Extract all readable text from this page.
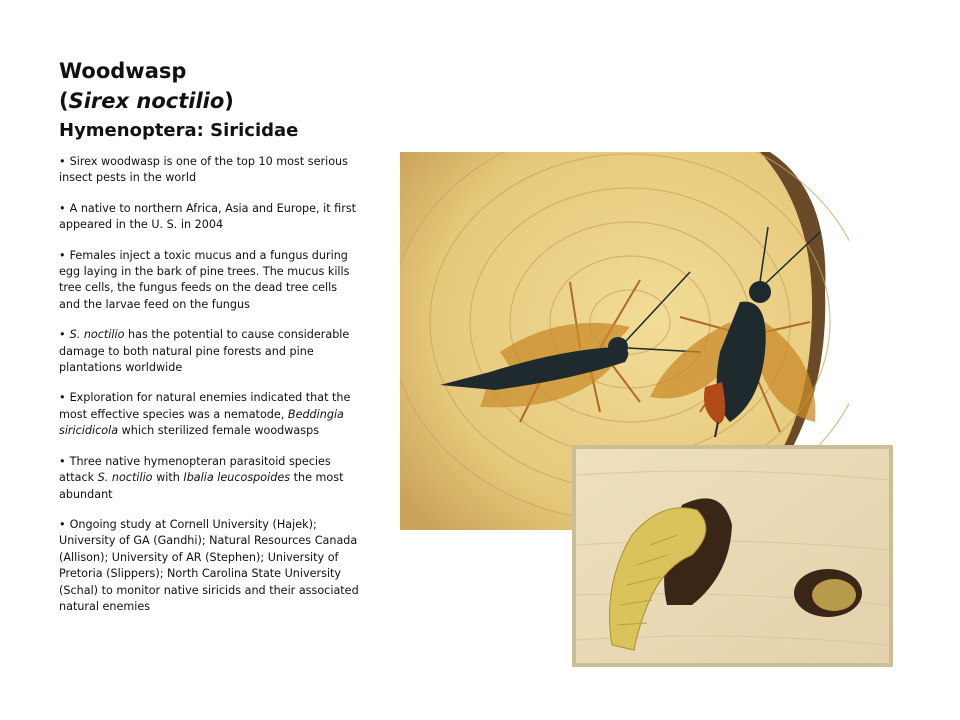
Woodwasp
(Sirex noctilio)
Hymenoptera: Siricidae
• Sirex woodwasp is one of the top 10 most serious insect pests in the world
• A native to northern Africa, Asia and Europe, it first appeared in the U. S. in 2004
• Females inject a toxic mucus and a fungus during egg laying in the bark of pine trees. The mucus kills tree cells, the fungus feeds on the dead tree cells and the larvae feed on the fungus
• S. noctilio has the potential to cause considerable damage to both natural pine forests and pine plantations worldwide
• Exploration for natural enemies indicated that the most effective species was a nematode, Beddingia siricidicola which sterilized female woodwasps
• Three native hymenopteran parasitoid species attack S. noctilio with Ibalia leucospoides the most abundant
• Ongoing study at Cornell University (Hajek); University of GA (Gandhi); Natural Resources Canada (Allison); University of AR (Stephen); University of Pretoria (Slippers); North Carolina State University (Schal) to monitor native siricids and their associated natural enemies
